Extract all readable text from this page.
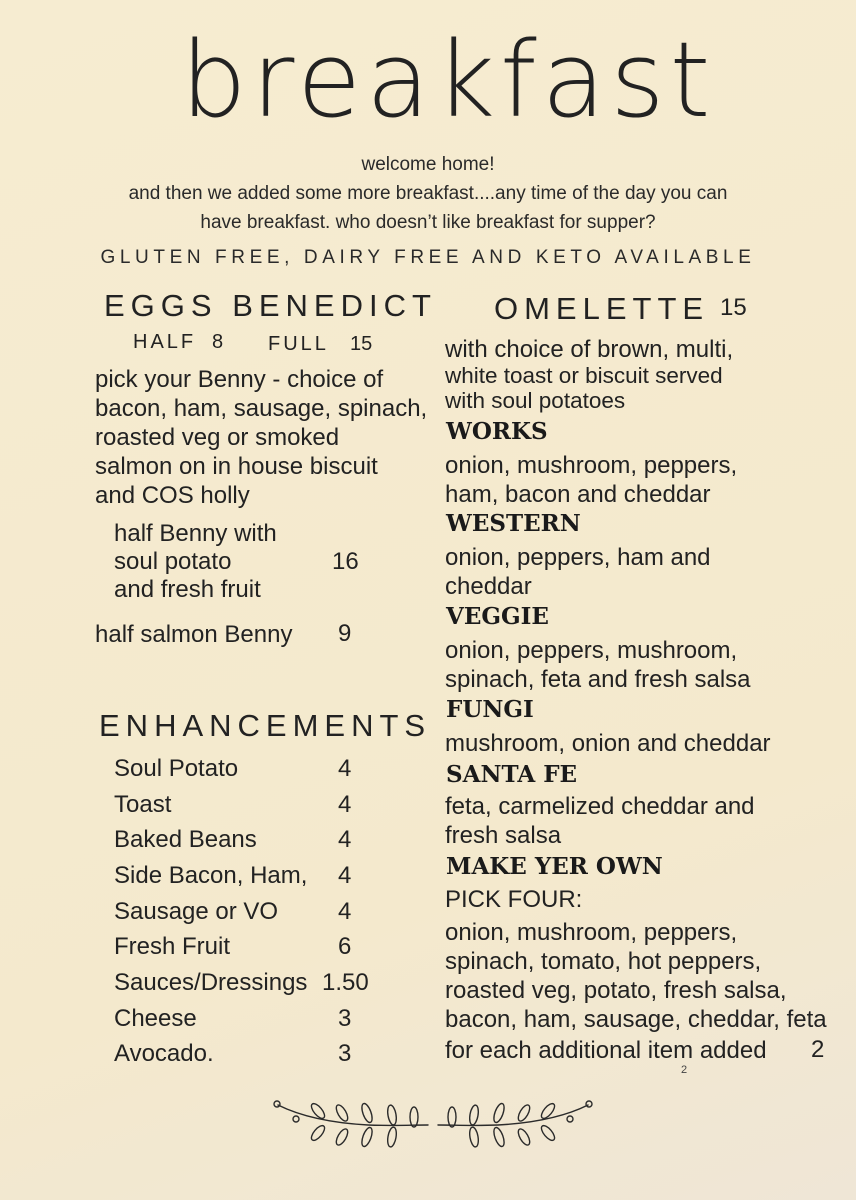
breakfast
welcome home!
and then we added some more breakfast....any time of the day you can
have breakfast. who doesn’t like breakfast for supper?
GLUTEN FREE, DAIRY FREE AND KETO AVAILABLE
EGGS BENEDICT
HALF 8 FULL 15
pick your Benny - choice of
bacon, ham, sausage, spinach,
roasted veg or smoked
salmon on in house biscuit
and COS holly
half Benny with
soul potato
and fresh fruit
16
half salmon Benny 9
ENHANCEMENTS
Soul Potato	4
Toast	4
Baked Beans	4
Side Bacon, Ham, 4
Sausage or VO 4
Fresh Fruit	6
Sauces/Dressings 1.50
Cheese	3
Avocado.	3
OMELETTE 15
with choice of brown, multi,
white toast or biscuit served
with soul potatoes
WORKS
onion, mushroom, peppers,
ham, bacon and cheddar
WESTERN
onion, peppers, ham and
cheddar
VEGGIE
onion, peppers, mushroom,
spinach, feta and fresh salsa
FUNGI
mushroom, onion and cheddar
SANTA FE
feta, carmelized cheddar and
fresh salsa
MAKE YER OWN
PICK FOUR:
onion, mushroom, peppers,
spinach, tomato, hot peppers,
roasted veg, potato, fresh salsa,
bacon, ham, sausage, cheddar, feta
for each additional item added 2
2
